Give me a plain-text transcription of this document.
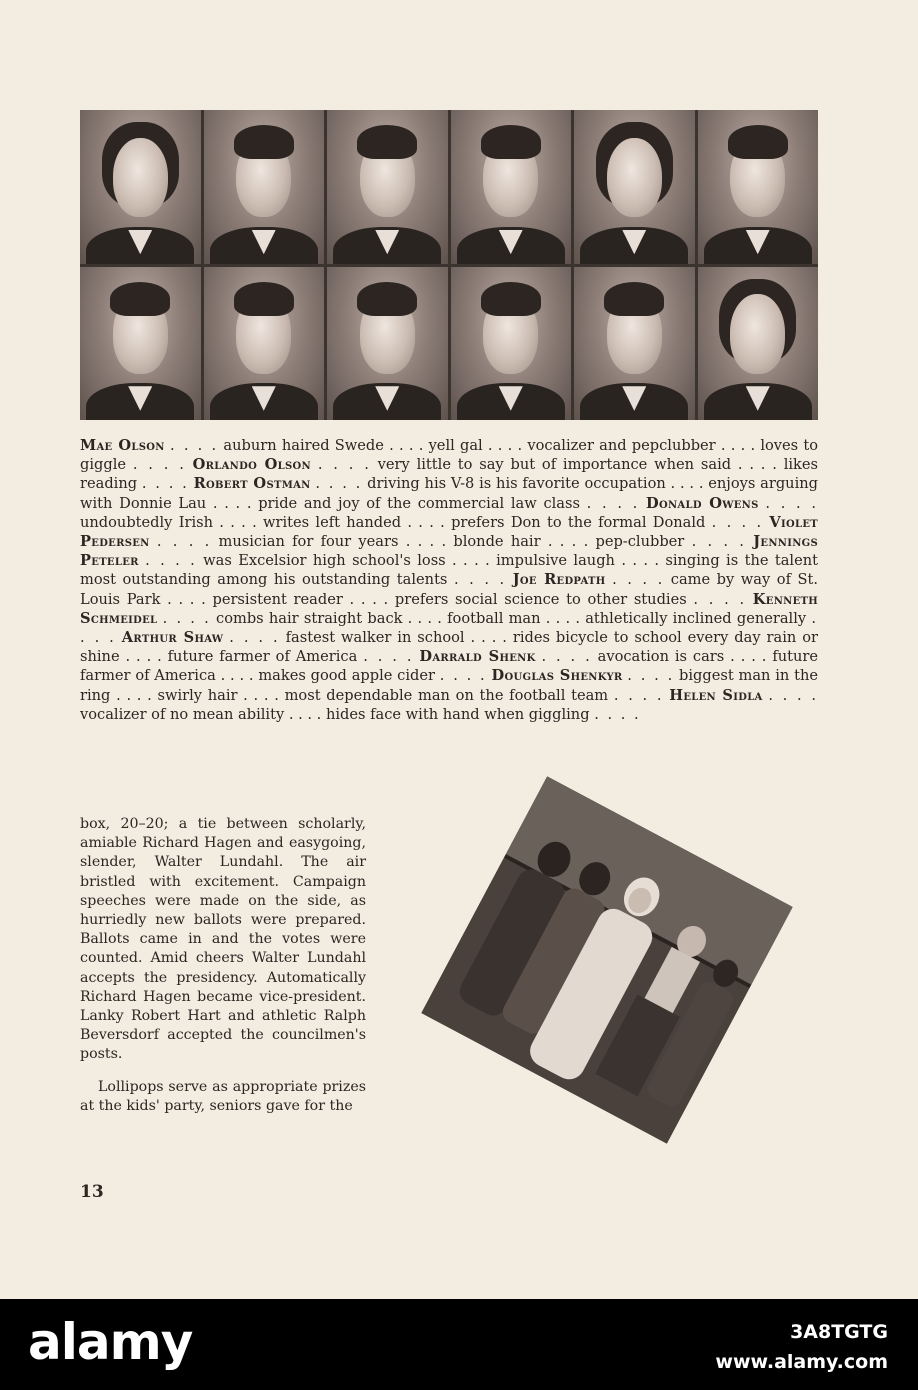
Mae Olson . . . . auburn haired Swede . . . . yell gal . . . . vocalizer and pepclubber . . . . loves to giggle . . . . Orlando Olson . . . . very little to say but of importance when said . . . . likes reading . . . . Robert Ostman . . . . driving his V-8 is his favorite occupation . . . . enjoys arguing with Donnie Lau . . . . pride and joy of the commercial law class . . . . Donald Owens . . . . undoubtedly Irish . . . . writes left handed . . . . prefers Don to the formal Donald . . . . Violet Pedersen . . . . musician for four years . . . . blonde hair . . . . pep-clubber . . . . Jennings Peteler . . . . was Excelsior high school's loss . . . . impulsive laugh . . . . singing is the talent most outstanding among his outstanding talents . . . . Joe Redpath . . . . came by way of St. Louis Park . . . . persistent reader . . . . prefers social science to other studies . . . . Kenneth Schmeidel . . . . combs hair straight back . . . . football man . . . . athletically inclined generally . . . . Arthur Shaw . . . . fastest walker in school . . . . rides bicycle to school every day rain or shine . . . . future farmer of America . . . . Darrald Shenk . . . . avocation is cars . . . . future farmer of America . . . . makes good apple cider . . . . Douglas Shenkyr . . . . biggest man in the ring . . . . swirly hair . . . . most dependable man on the football team . . . . Helen Sidla . . . . vocalizer of no mean ability . . . . hides face with hand when giggling . . . .

box, 20–20; a tie between scholarly, amiable Richard Hagen and easygoing, slender, Walter Lundahl. The air bristled with excitement. Campaign speeches were made on the side, as hurriedly new ballots were prepared. Ballots came in and the votes were counted. Amid cheers Walter Lundahl accepts the presidency. Automatically Richard Hagen became vice-president. Lanky Robert Hart and athletic Ralph Beversdorf accepted the councilmen's posts.

Lollipops serve as appropriate prizes at the kids' party, seniors gave for the

13
alamy	3A8TGTG
www.alamy.com
